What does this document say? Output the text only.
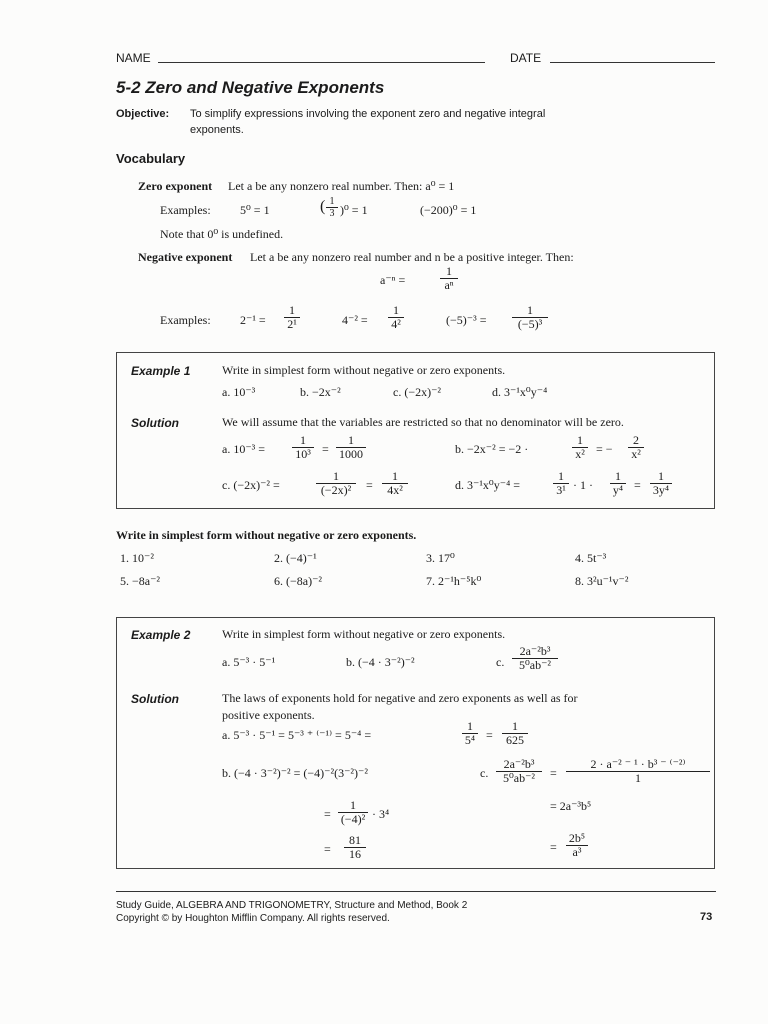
NAME	DATE
5-2 Zero and Negative Exponents
Objective: To simplify expressions involving the exponent zero and negative integral
exponents.
Vocabulary
Zero exponent Let a be any nonzero real number. Then: a⁰ = 1
Examples: 5⁰ = 1	( $\frac{1}{3} )^0 = 1$	(−200)⁰ = 1
Note that 0⁰ is undefined.
Negative exponent Let a be any nonzero real number and n be a positive integer. Then:
a⁻ⁿ =	$\frac{1}{\text{aⁿ}}$
Examples: $2^{-1} = \frac{1}{\text{2¹}}$	$4^{-2} = \frac{1}{\text{4²}}$	$(-5)^{-3} = \frac{1}{\text{(−5)³}}$
Example 1	Write in simplest form without negative or zero exponents.
a. 10⁻³	b. −2x⁻²	c. (−2x)⁻²	d. 3⁻¹x⁰y⁻⁴
Solution	We will assume that the variables are restricted so that no denominator will be zero.
a. $10^{-3} = \frac{1}{\text{10³}} = \frac{1}{1000}$	b. −2x⁻² = −2 ·	$\frac{1}{\text{x²}}$ = − $\frac{2}{\text{x²}}$
c. (−2x)⁻² =	$\frac{1}{\text{(−2x)²}} = \frac{1}{\text{4x²}}$	d. 3⁻¹x⁰y⁻⁴ =	$\frac{1}{\text{3¹}} \cdot 1 \cdot \frac{1}{\text{y⁴}} = \frac{1}{\text{3y⁴}}$
Write in simplest form without negative or zero exponents.
1. 10⁻²	2. (−4)⁻¹	3. 17⁰	4. 5t⁻³
5. −8a⁻²	6. (−8a)⁻²	7. 2⁻¹h⁻⁵k⁰	8. 3²u⁻¹v⁻²
Example 2	Write in simplest form without negative or zero exponents.
a. 5⁻³ · 5⁻¹	b. (−4 · 3⁻²)⁻²	c. $\frac{\text{2a⁻²b³}}{\text{5⁰ab⁻²}}$
Solution	The laws of exponents hold for negative and zero exponents as well as for
positive exponents.
a. 5⁻³ · 5⁻¹ = 5⁻³ ⁺ ⁽⁻¹⁾ = 5⁻⁴ =	$\frac{1}{\text{5⁴}} = \frac{1}{625}$
b. (−4 · 3⁻²)⁻² = (−4)⁻²(3⁻²)⁻²
= $\frac{1}{\text{(−4)²}} \cdot 3^4$
= $\frac{81}{16}$
c. $\frac{\text{2a⁻²b³}}{\text{5⁰ab⁻²}} = \frac{\text{2 · a⁻² ⁻ ¹ · b³ ⁻ ⁽⁻²⁾}}{1}$
= 2a⁻³b⁵
= $\frac{\text{2b⁵}}{\text{a³}}$
Study Guide, ALGEBRA AND TRIGONOMETRY, Structure and Method, Book 2
Copyright © by Houghton Mifflin Company. All rights reserved.	73
